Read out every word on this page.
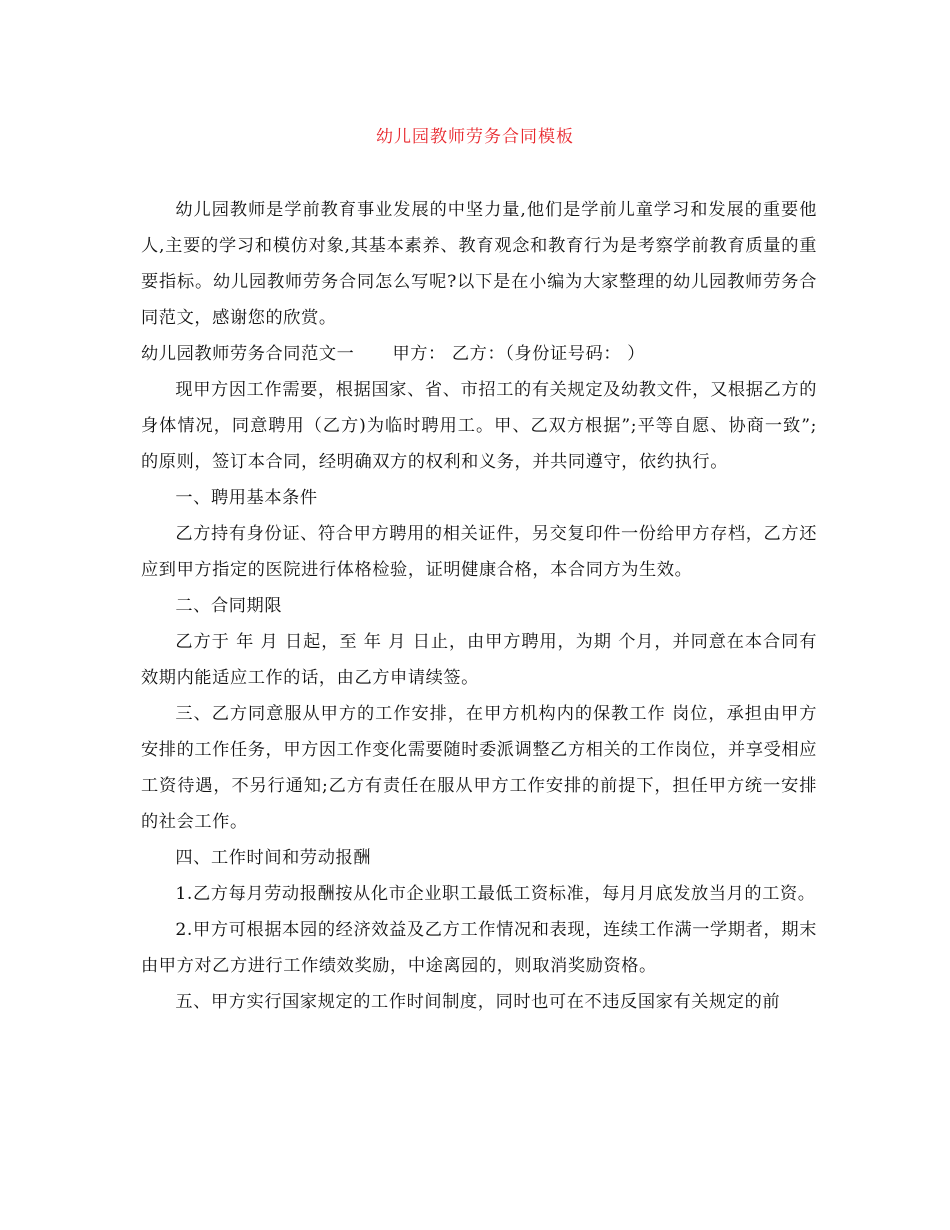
幼儿园教师劳务合同模板

幼儿园教师是学前教育事业发展的中坚力量,他们是学前儿童学习和发展的重要他人,主要的学习和模仿对象,其基本素养、教育观念和教育行为是考察学前教育质量的重要指标。幼儿园教师劳务合同怎么写呢?以下是在小编为大家整理的幼儿园教师劳务合同范文，感谢您的欣赏。

幼儿园教师劳务合同范文一 甲方： 乙方：（身份证号码： ）

现甲方因工作需要，根据国家、省、市招工的有关规定及幼教文件，又根据乙方的身体情况，同意聘用（乙方)为临时聘用工。甲、乙双方根据”;平等自愿、协商一致”;的原则，签订本合同，经明确双方的权利和义务，并共同遵守，依约执行。

一、聘用基本条件

乙方持有身份证、符合甲方聘用的相关证件，另交复印件一份给甲方存档，乙方还应到甲方指定的医院进行体格检验，证明健康合格，本合同方为生效。

二、合同期限

乙方于 年 月 日起，至 年 月 日止，由甲方聘用，为期 个月，并同意在本合同有效期内能适应工作的话，由乙方申请续签。

三、乙方同意服从甲方的工作安排，在甲方机构内的保教工作 岗位，承担由甲方安排的工作任务，甲方因工作变化需要随时委派调整乙方相关的工作岗位，并享受相应工资待遇，不另行通知;乙方有责任在服从甲方工作安排的前提下，担任甲方统一安排的社会工作。

四、工作时间和劳动报酬

1.乙方每月劳动报酬按从化市企业职工最低工资标准，每月月底发放当月的工资。

2.甲方可根据本园的经济效益及乙方工作情况和表现，连续工作满一学期者，期末由甲方对乙方进行工作绩效奖励，中途离园的，则取消奖励资格。

五、甲方实行国家规定的工作时间制度，同时也可在不违反国家有关规定的前
